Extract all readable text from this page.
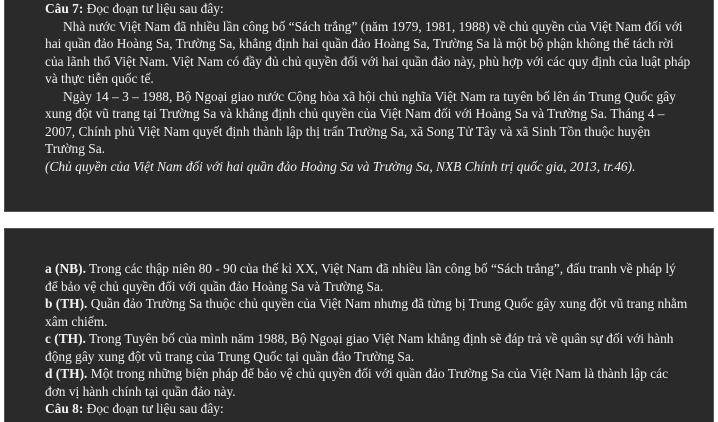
Câu 7: Đọc đoạn tư liệu sau đây:

Nhà nước Việt Nam đã nhiều lần công bố “Sách trắng” (năm 1979, 1981, 1988) về chủ quyền của Việt Nam đối với hai quần đảo Hoàng Sa, Trường Sa, khẳng định hai quần đảo Hoàng Sa, Trường Sa là một bộ phận không thể tách rời của lãnh thổ Việt Nam. Việt Nam có đầy đủ chủ quyền đối với hai quần đảo này, phù hợp với các quy định của luật pháp và thực tiễn quốc tế.

Ngày 14 – 3 – 1988, Bộ Ngoại giao nước Cộng hòa xã hội chủ nghĩa Việt Nam ra tuyên bố lên án Trung Quốc gây xung đột vũ trang tại Trường Sa và khẳng định chủ quyền của Việt Nam đối với Hoàng Sa và Trường Sa. Tháng 4 – 2007, Chính phủ Việt Nam quyết định thành lập thị trấn Trường Sa, xã Song Tử Tây và xã Sinh Tồn thuộc huyện Trường Sa.

(Chủ quyền của Việt Nam đối với hai quần đảo Hoàng Sa và Trường Sa, NXB Chính trị quốc gia, 2013, tr.46).

a (NB). Trong các thập niên 80 - 90 của thế kỉ XX, Việt Nam đã nhiều lần công bố “Sách trắng”, đấu tranh về pháp lý để bảo vệ chủ quyền đối với quần đảo Hoàng Sa và Trường Sa.

b (TH). Quần đảo Trường Sa thuộc chủ quyền của Việt Nam nhưng đã từng bị Trung Quốc gây xung đột vũ trang nhằm xâm chiếm.

c (TH). Trong Tuyên bố của mình năm 1988, Bộ Ngoại giao Việt Nam khẳng định sẽ đáp trả về quân sự đối với hành động gây xung đột vũ trang của Trung Quốc tại quần đảo Trường Sa.

d (TH). Một trong những biện pháp để bảo vệ chủ quyền đối với quần đảo Trường Sa của Việt Nam là thành lập các đơn vị hành chính tại quần đảo này.

Câu 8: Đọc đoạn tư liệu sau đây:
